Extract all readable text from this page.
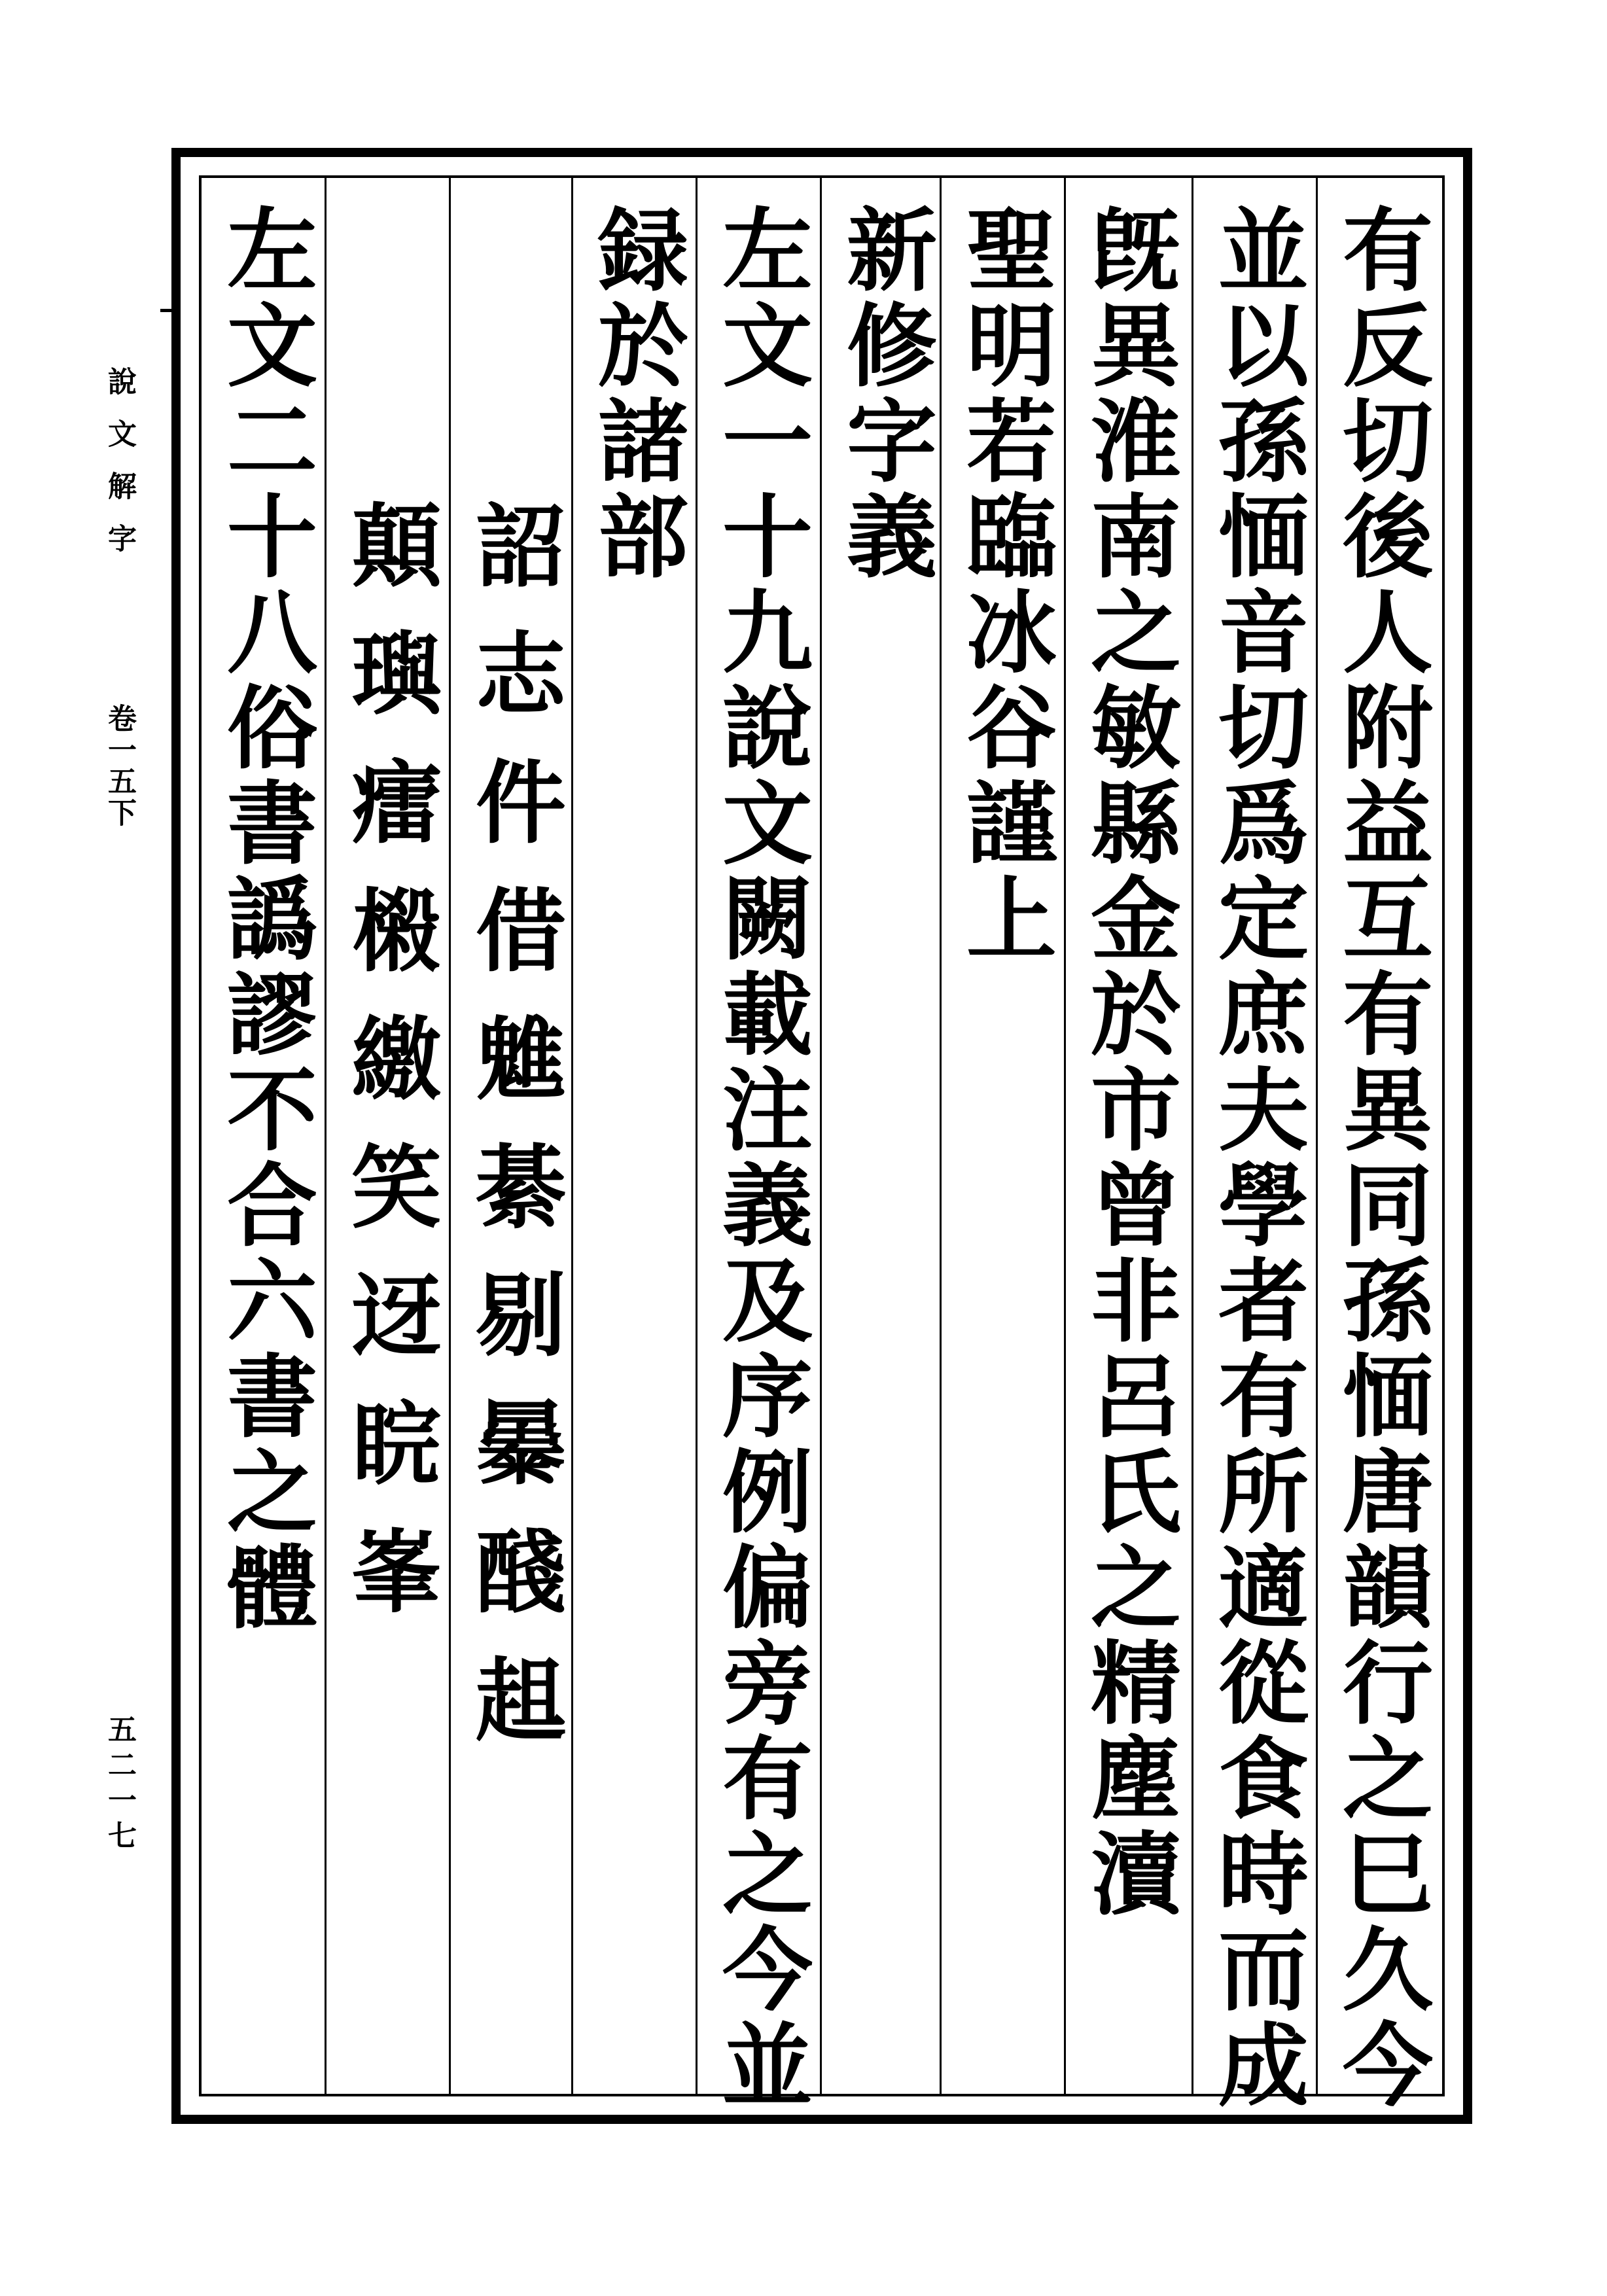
說文解字
卷一五下
五二一七	有反切後人附益互有異同孫愐唐韻行之巳久今
並以孫愐音切爲定庶夫學者有所適從食時而成
旣異淮南之敏縣金於市曾非呂氏之精塵瀆
聖明若臨冰谷謹上
新修字義
左文一十九說文闕載注義及序例偏旁有之今並
録於諸部
詔志件借魋綦剔㬥醆趄
顛璵癗樧繳笑迓睆峯
左文二十八俗書譌謬不合六書之體
